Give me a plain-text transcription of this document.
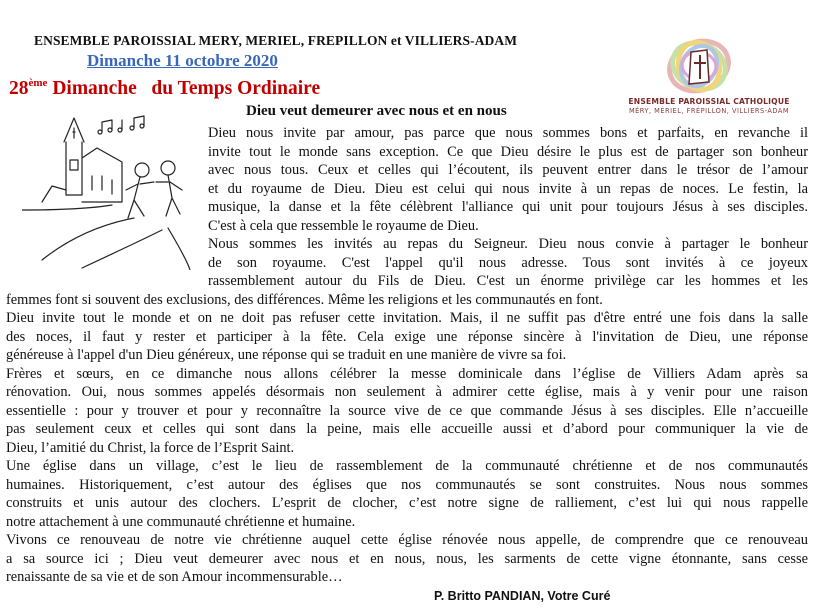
ENSEMBLE PAROISSIAL MERY, MERIEL, FREPILLON et VILLIERS-ADAM
Dimanche 11 octobre 2020
28ème Dimanche   du Temps Ordinaire
ENSEMBLE PAROISSIAL CATHOLIQUE
MÉRY, MÉRIEL, FRÉPILLON, VILLIERS-ADAM
Dieu veut demeurer avec nous et en nous
Dieu nous invite par amour, pas parce que nous sommes bons et parfaits, en revanche il
invite tout le monde sans exception. Ce que Dieu désire le plus est de partager son bonheur
avec nous tous. Ceux et celles qui l’écoutent, ils peuvent entrer dans le trésor de l’amour
et du royaume de Dieu. Dieu est celui qui nous invite à un repas de noces. Le festin, la
musique, la danse et la fête célèbrent l'alliance qui unit pour toujours Jésus à ses disciples.
C'est à cela que ressemble le royaume de Dieu.
Nous sommes les invités au repas du Seigneur. Dieu nous convie à partager le bonheur
de son royaume. C'est l'appel qu'il nous adresse. Tous sont invités à ce joyeux
rassemblement autour du Fils de Dieu. C'est un énorme privilège car les hommes et les
femmes font si souvent des exclusions, des différences. Même les religions et les communautés en font.
Dieu invite tout le monde et on ne doit pas refuser cette invitation. Mais, il ne suffit pas d'être entré une fois dans la salle
des noces, il faut y rester et participer à la fête. Cela exige une réponse sincère à l'invitation de Dieu, une réponse
généreuse à l'appel d'un Dieu généreux, une réponse qui se traduit en une manière de vivre sa foi.
Frères et sœurs, en ce dimanche nous allons célébrer la messe dominicale dans l’église de Villiers Adam après sa
rénovation. Oui, nous sommes appelés désormais non seulement à admirer cette église, mais à y venir pour une raison
essentielle : pour y trouver et pour y reconnaître la source vive de ce que commande Jésus à ses disciples. Elle n’accueille
pas seulement ceux et celles qui sont dans la peine, mais elle accueille aussi et d’abord pour communiquer la vie de
Dieu, l’amitié du Christ, la force de l’Esprit Saint.
Une église dans un village, c’est le lieu de rassemblement de la communauté chrétienne et de nos communautés
humaines. Historiquement, c’est autour des églises que nos communautés se sont construites. Nous nous sommes
construits et unis autour des clochers. L’esprit de clocher, c’est notre signe de ralliement, c’est lui qui nous rappelle
notre attachement à une communauté chrétienne et humaine.
Vivons ce renouveau de notre vie chrétienne auquel cette église rénovée nous appelle, de comprendre que ce renouveau
a sa source ici ; Dieu veut demeurer avec nous et en nous, nous, les sarments de cette vigne étonnante, sans cesse
renaissante de sa vie et de son Amour incommensurable…
P. Britto PANDIAN, Votre Curé
